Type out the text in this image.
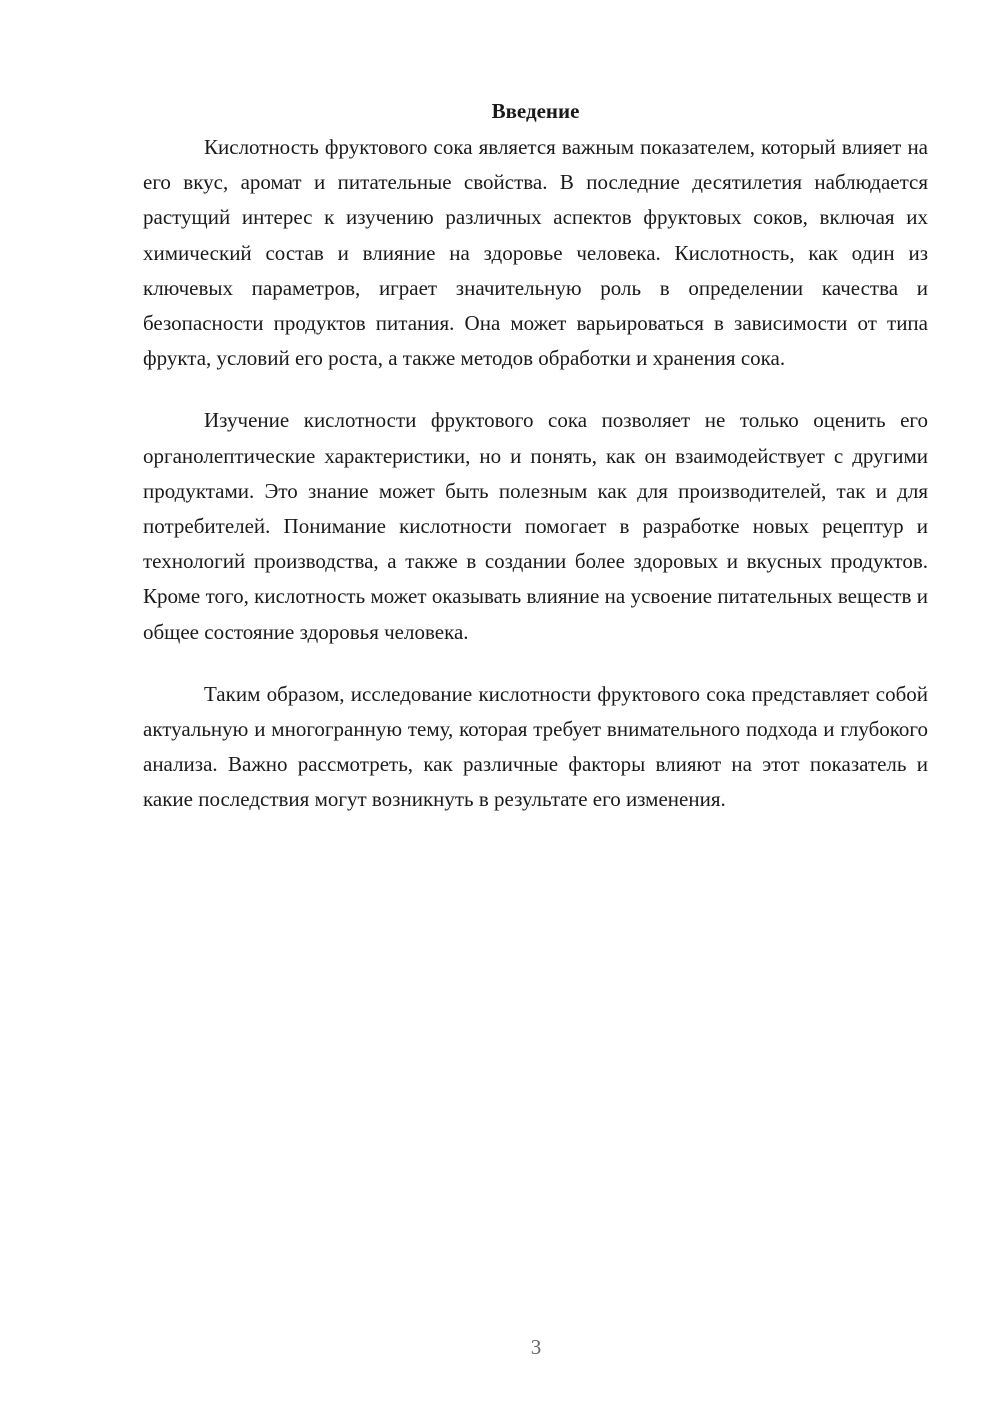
Введение

Кислотность фруктового сока является важным показателем, который влияет на его вкус, аромат и питательные свойства. В последние десятилетия наблюдается растущий интерес к изучению различных аспектов фруктовых соков, включая их химический состав и влияние на здоровье человека. Кислотность, как один из ключевых параметров, играет значительную роль в определении качества и безопасности продуктов питания. Она может варьироваться в зависимости от типа фрукта, условий его роста, а также методов обработки и хранения сока.

Изучение кислотности фруктового сока позволяет не только оценить его органолептические характеристики, но и понять, как он взаимодействует с другими продуктами. Это знание может быть полезным как для производителей, так и для потребителей. Понимание кислотности помогает в разработке новых рецептур и технологий производства, а также в создании более здоровых и вкусных продуктов. Кроме того, кислотность может оказывать влияние на усвоение питательных веществ и общее состояние здоровья человека.

Таким образом, исследование кислотности фруктового сока представляет собой актуальную и многогранную тему, которая требует внимательного подхода и глубокого анализа. Важно рассмотреть, как различные факторы влияют на этот показатель и какие последствия могут возникнуть в результате его изменения.

3
